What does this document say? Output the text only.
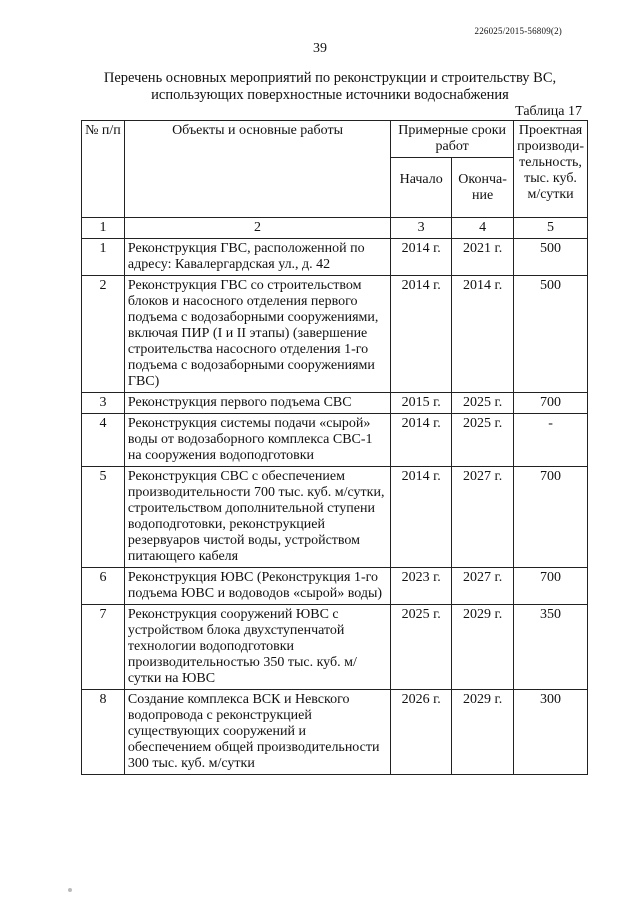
226025/2015-56809(2)
39
Перечень основных мероприятий по реконструкции и строительству ВС,
использующих поверхностные источники водоснабжения
Таблица 17
№ п/п	Объекты и основные работы	Примерные сроки работ		Проектная производи-тельность, тыс. куб. м/сутки
		Начало	Оконча-ние	
1	2	3	4	5
1	Реконструкция ГВС, расположенной по адресу: Кавалергардская ул., д. 42	2014 г.	2021 г.	500
2	Реконструкция ГВС со строительством блоков и насосного отделения первого подъема с водозаборными сооружениями, включая ПИР (I и II этапы) (завершение строительства насосного отделения 1-го подъема с водозаборными сооружениями ГВС)	2014 г.	2014 г.	500
3	Реконструкция первого подъема СВС	2015 г.	2025 г.	700
4	Реконструкция системы подачи «сырой» воды от водозаборного комплекса СВС-1 на сооружения водоподготовки	2014 г.	2025 г.	-
5	Реконструкция СВС с обеспечением производительности 700 тыс. куб. м/сутки, строительством дополнительной ступени водоподготовки, реконструкцией резервуаров чистой воды, устройством питающего кабеля	2014 г.	2027 г.	700
6	Реконструкция ЮВС (Реконструкция 1-го подъема ЮВС и водоводов «сырой» воды)	2023 г.	2027 г.	700
7	Реконструкция сооружений ЮВС с устройством блока двухступенчатой технологии водоподготовки производительностью 350 тыс. куб. м/сутки на ЮВС	2025 г.	2029 г.	350
8	Создание комплекса ВСК и Невского водопровода с реконструкцией существующих сооружений и обеспечением общей производительности 300 тыс. куб. м/сутки	2026 г.	2029 г.	300
